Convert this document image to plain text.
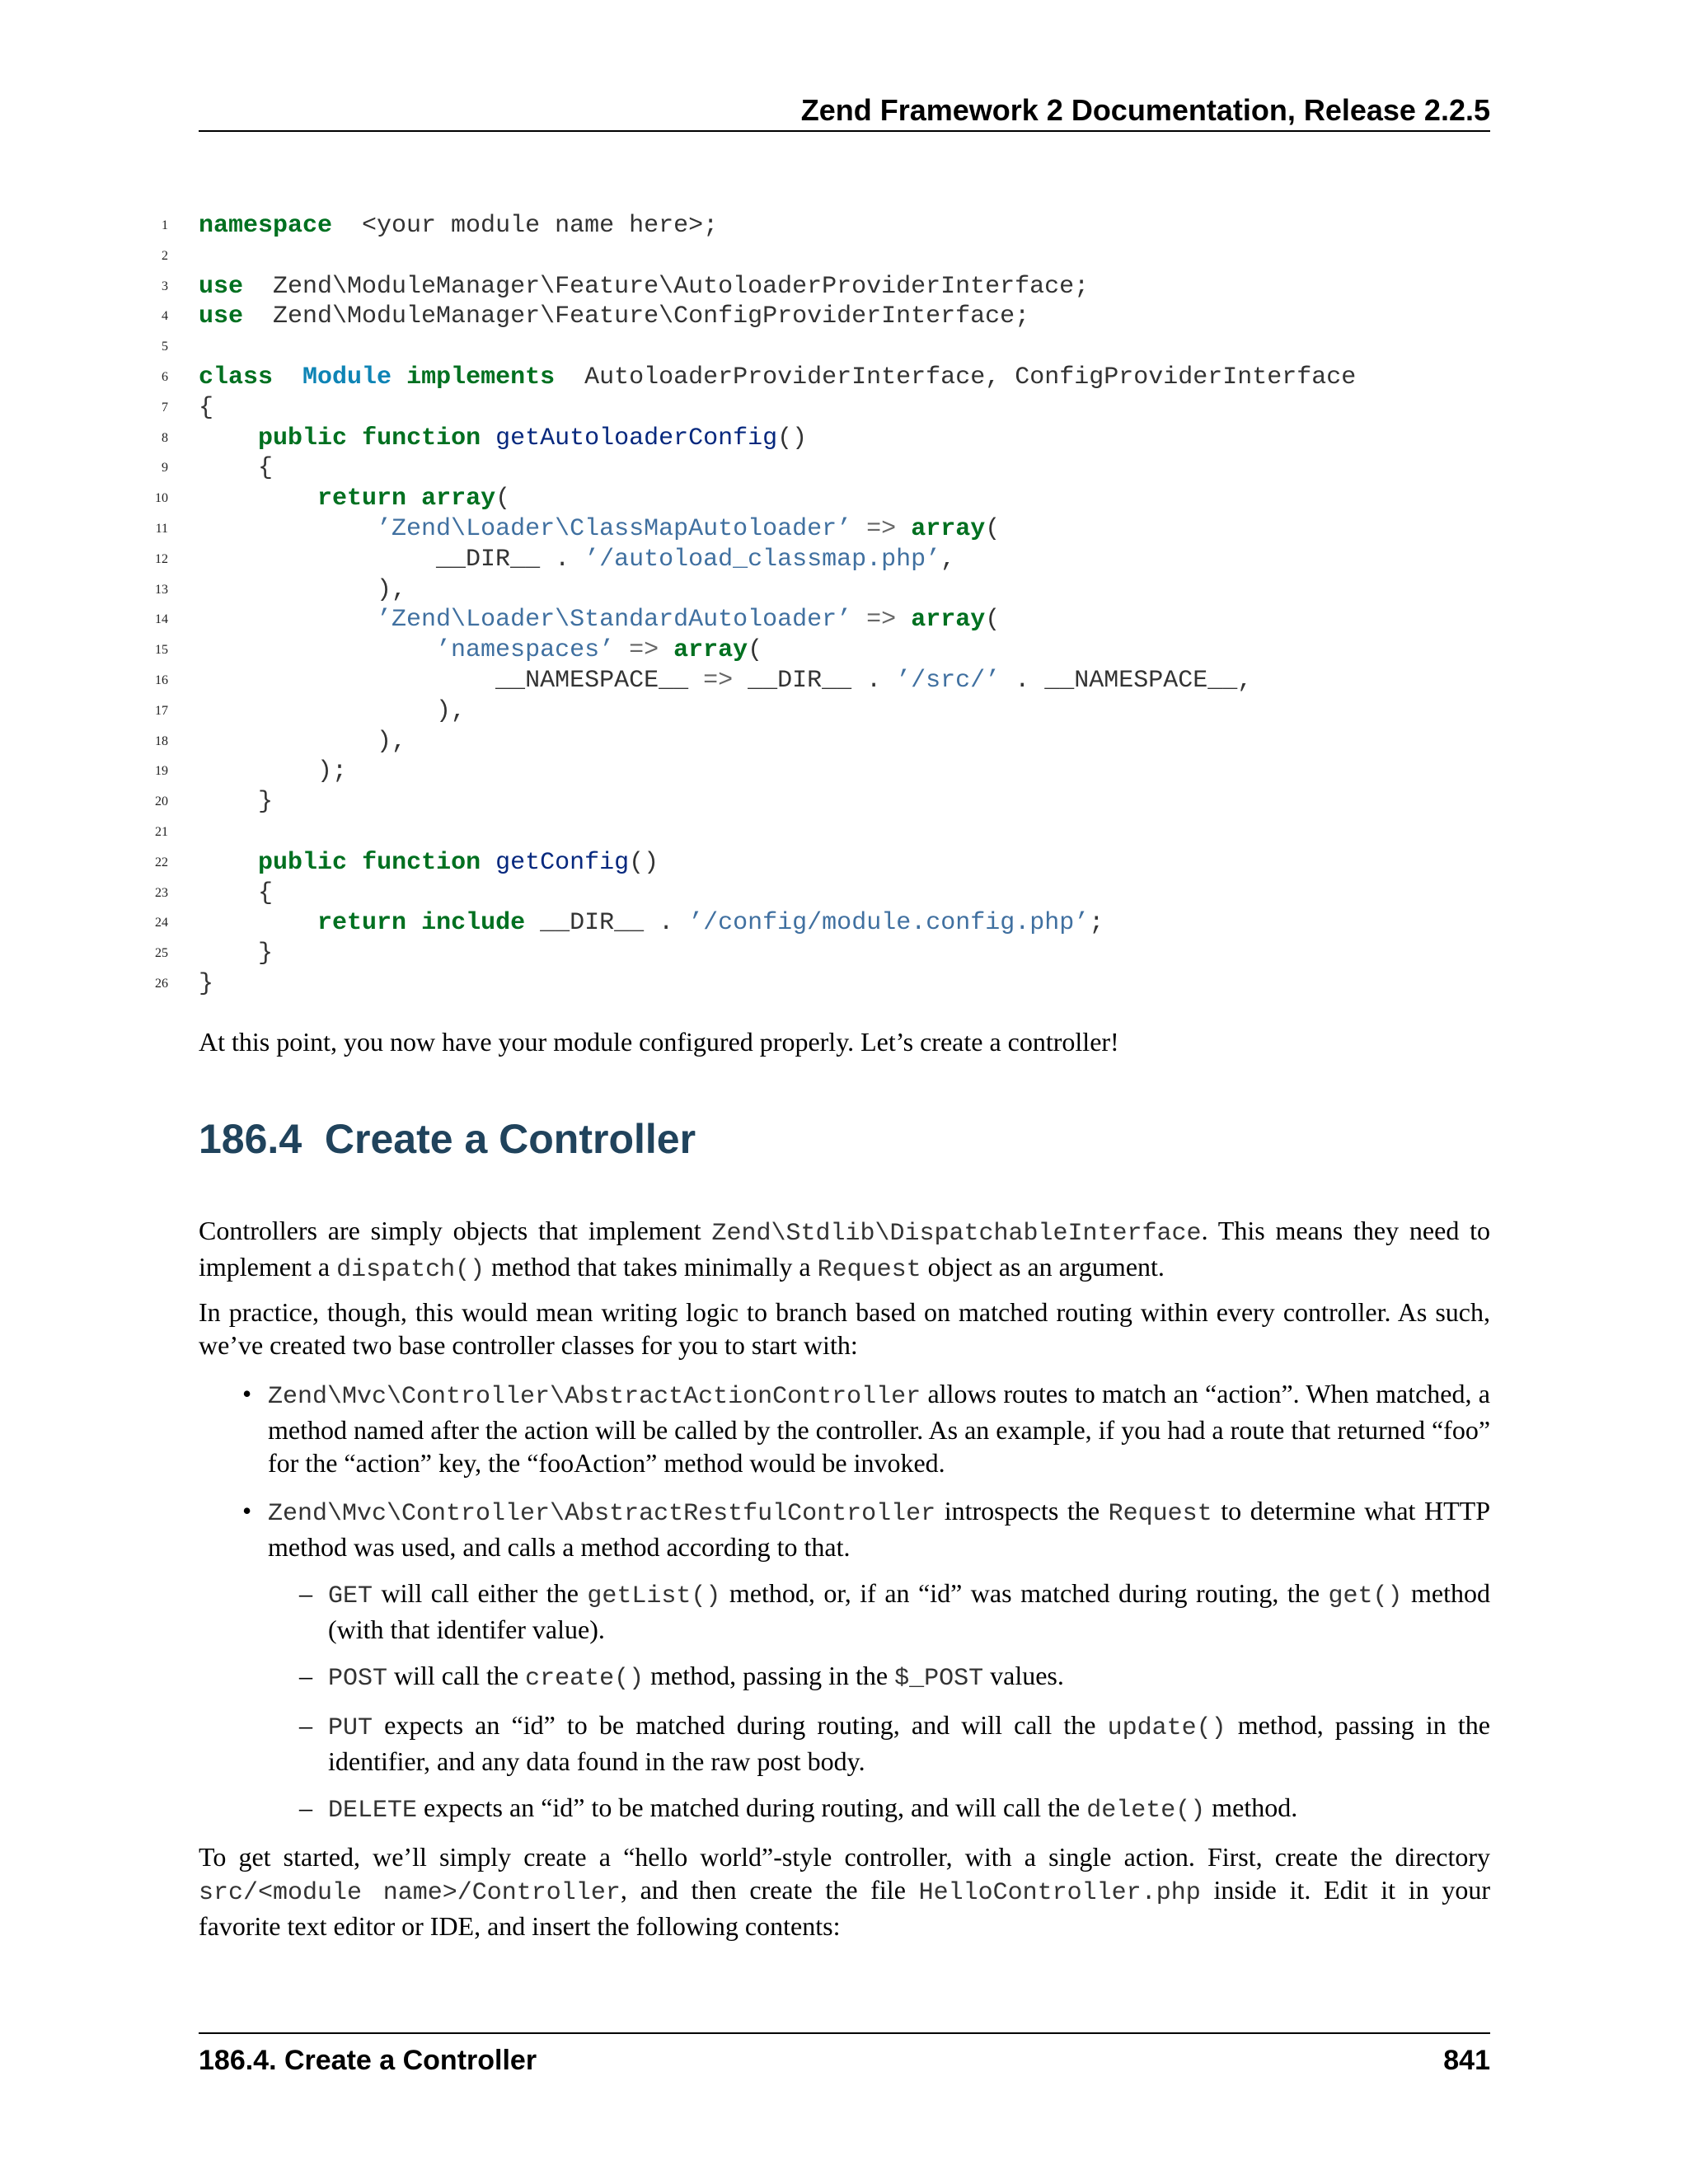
Zend Framework 2 Documentation, Release 2.2.5
1 namespace  <your module name here>;
2
3 use  Zend\ModuleManager\Feature\AutoloaderProviderInterface;
4 use  Zend\ModuleManager\Feature\ConfigProviderInterface;
5
6 class Module implements  AutoloaderProviderInterface, ConfigProviderInterface
7 {
8	public function getAutoloaderConfig()
9 {
10	return array(
11	’Zend\Loader\ClassMapAutoloader’ => array(
12 __DIR__ . ’/autoload_classmap.php’,
13 ),
14	’Zend\Loader\StandardAutoloader’ => array(
15	’namespaces’ => array(
16 __NAMESPACE__ => __DIR__ . ’/src/’ . __NAMESPACE__,
17 ),
18 ),
19 );
20 }
21
22	public function getConfig()
23 {
24	return include __DIR__ . ’/config/module.config.php’;
25 }
26 }
At this point, you now have your module configured properly. Let’s create a controller!
186.4 Create a Controller
Controllers are simply objects that implement Zend\Stdlib\DispatchableInterface. This means they need to implement a dispatch() method that takes minimally a Request object as an argument.
In practice, though, this would mean writing logic to branch based on matched routing within every controller. As such, we’ve created two base controller classes for you to start with:
• Zend\Mvc\Controller\AbstractActionController allows routes to match an “action”. When matched, a method named after the action will be called by the controller. As an example, if you had a route that returned “foo” for the “action” key, the “fooAction” method would be invoked.
• Zend\Mvc\Controller\AbstractRestfulController introspects the Request to determine what HTTP method was used, and calls a method according to that.
– GET will call either the getList() method, or, if an “id” was matched during routing, the get() method (with that identifer value).
– POST will call the create() method, passing in the $_POST values.
– PUT expects an “id” to be matched during routing, and will call the update() method, passing in the identifier, and any data found in the raw post body.
– DELETE expects an “id” to be matched during routing, and will call the delete() method.
To get started, we’ll simply create a “hello world”-style controller, with a single action. First, create the directory src/<module name>/Controller, and then create the file HelloController.php inside it. Edit it in your favorite text editor or IDE, and insert the following contents:
186.4. Create a Controller	841
